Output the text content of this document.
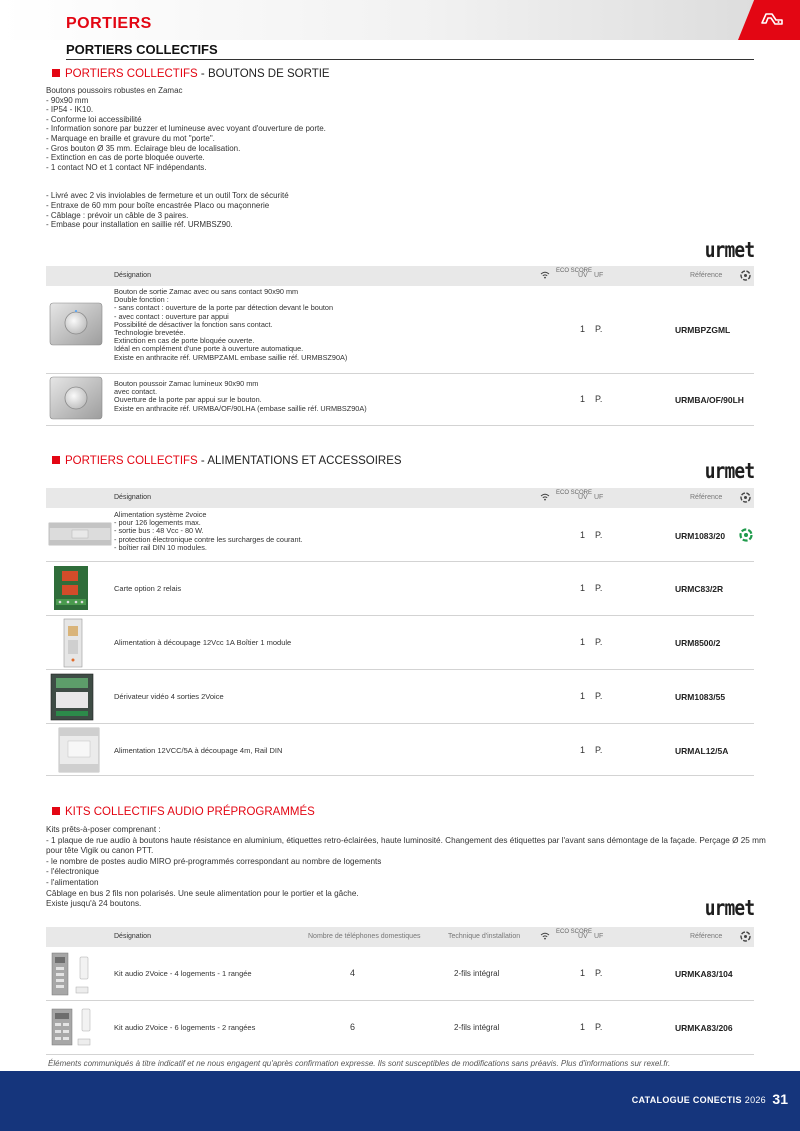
PORTIERS
PORTIERS COLLECTIFS
PORTIERS COLLECTIFS - BOUTONS DE SORTIE
Boutons poussoirs robustes en Zamac
- 90x90 mm
- IP54 - IK10.
- Conforme loi accessibilité
- Information sonore par buzzer et lumineuse avec voyant d'ouverture de porte.
- Marquage en braille et gravure du mot "porte".
- Gros bouton Ø 35 mm. Eclairage bleu de localisation.
- Extinction en cas de porte bloquée ouverte.
- 1 contact NO et 1 contact NF indépendants.
- Livré avec 2 vis inviolables de fermeture et un outil Torx de sécurité
- Entraxe de 60 mm pour boîte encastrée Placo ou maçonnerie
- Câblage : prévoir un câble de 3 paires.
- Embase pour installation en saillie réf. URMBSZ90.
urmet
Désignation
ECO SCORE
UV UF	Référence
Bouton de sortie Zamac avec ou sans contact 90x90 mm
Double fonction :
- sans contact : ouverture de la porte par détection devant le bouton
- avec contact : ouverture par appui
Possibilité de désactiver la fonction sans contact.
Technologie brevetée.
Extinction en cas de porte bloquée ouverte.
Idéal en complément d'une porte à ouverture automatique.
Existe en anthracite réf. URMBPZAML embase saillie réf. URMBSZ90A)
1 P.	URMBPZGML
Bouton poussoir Zamac lumineux 90x90 mm
avec contact.
Ouverture de la porte par appui sur le bouton.
Existe en anthracite réf. URMBA/OF/90LHA (embase saillie réf. URMBSZ90A)
1 P.	URMBA/OF/90LH
PORTIERS COLLECTIFS - ALIMENTATIONS ET ACCESSOIRES	urmet
Désignation
ECO SCORE
UV UF	Référence
Alimentation système 2voice
- pour 126 logements max.
- sortie bus : 48 Vcc - 80 W.
- protection électronique contre les surcharges de courant.
- boîtier rail DIN 10 modules.
1 P.	URM1083/20
Carte option 2 relais	1 P.	URMC83/2R
Alimentation à découpage 12Vcc 1A Boîtier 1 module	1 P.	URM8500/2
Dérivateur vidéo 4 sorties 2Voice	1 P.	URM1083/55
Alimentation 12VCC/5A à découpage 4m, Rail DIN	1 P.	URMAL12/5A
KITS COLLECTIFS AUDIO PRÉPROGRAMMÉS
Kits prêts-à-poser comprenant :
- 1 plaque de rue audio à boutons haute résistance en aluminium, étiquettes retro-éclairées, haute luminosité. Changement des étiquettes par l'avant sans démontage de la façade. Perçage Ø 25 mm
pour tête Vigik ou canon PTT.
- le nombre de postes audio MIRO pré-programmés correspondant au nombre de logements
- l'électronique
- l'alimentation
Câblage en bus 2 fils non polarisés. Une seule alimentation pour le portier et la gâche.
Existe jusqu'à 24 boutons.	urmet
Désignation	Nombre de téléphones domestiques	Technique d'installation
ECO SCORE
UV UF	Référence
Kit audio 2Voice - 4 logements - 1 rangée	4	2-fils intégral	1 P.	URMKA83/104
Kit audio 2Voice - 6 logements - 2 rangées	6	2-fils intégral	1 P.	URMKA83/206
Éléments communiqués à titre indicatif et ne nous engagent qu'après confirmation expresse. Ils sont susceptibles de modifications sans préavis. Plus d'informations sur rexel.fr.
CATALOGUE CONECTIS 2026 31
